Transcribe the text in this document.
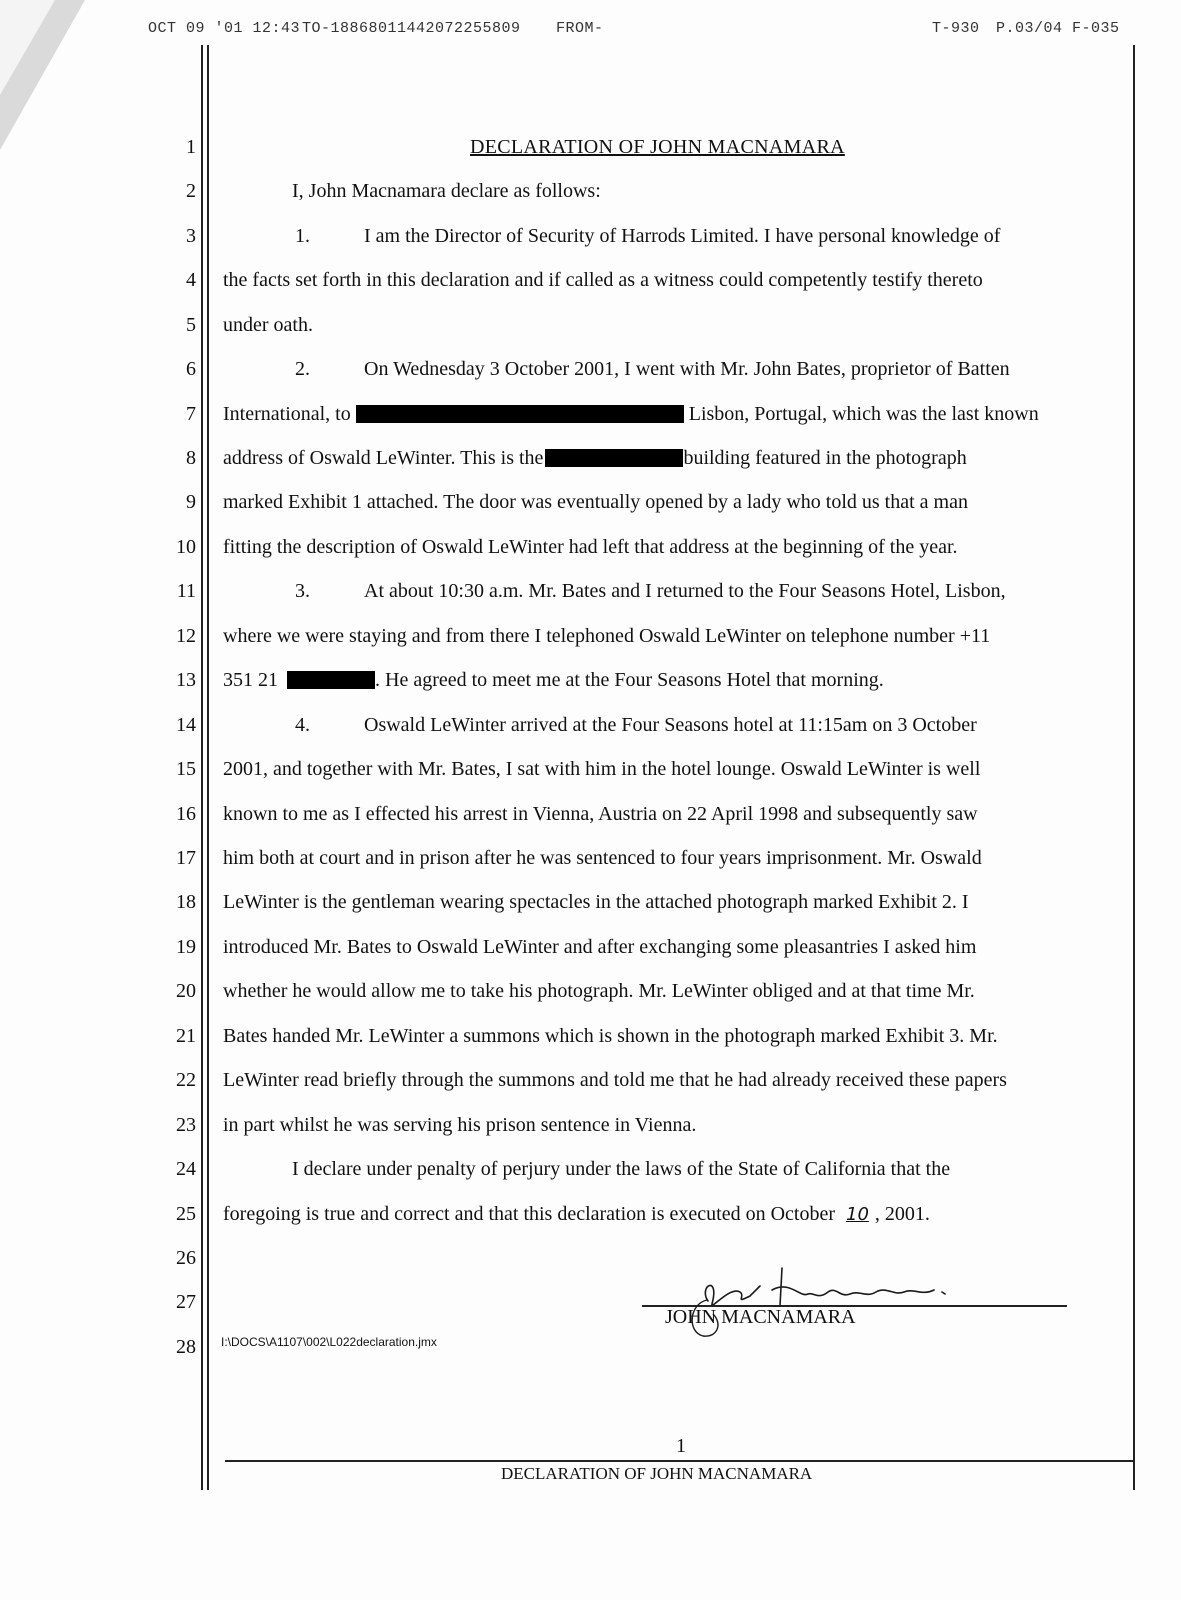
OCT 09 '01 12:43 TO-18868011442072255809 FROM-	T-930 P.03/04 F-035
1
2
3
4
5
6
7
8
9
10
11
12
13
14
15
16
17
18
19
20
21
22
23
24
25
26
27
28
DECLARATION OF JOHN MACNAMARA
I, John Macnamara declare as follows:
1.	I am the Director of Security of Harrods Limited. I have personal knowledge of
the facts set forth in this declaration and if called as a witness could competently testify thereto
under oath.
2.	On Wednesday 3 October 2001, I went with Mr. John Bates, proprietor of Batten
International, to	Lisbon, Portugal, which was the last known
address of Oswald LeWinter. This is the	building featured in the photograph
marked Exhibit 1 attached. The door was eventually opened by a lady who told us that a man
fitting the description of Oswald LeWinter had left that address at the beginning of the year.
3.	At about 10:30 a.m. Mr. Bates and I returned to the Four Seasons Hotel, Lisbon,
where we were staying and from there I telephoned Oswald LeWinter on telephone number +11
351 21	. He agreed to meet me at the Four Seasons Hotel that morning.
4.	Oswald LeWinter arrived at the Four Seasons hotel at 11:15am on 3 October
2001, and together with Mr. Bates, I sat with him in the hotel lounge. Oswald LeWinter is well
known to me as I effected his arrest in Vienna, Austria on 22 April 1998 and subsequently saw
him both at court and in prison after he was sentenced to four years imprisonment. Mr. Oswald
LeWinter is the gentleman wearing spectacles in the attached photograph marked Exhibit 2. I
introduced Mr. Bates to Oswald LeWinter and after exchanging some pleasantries I asked him
whether he would allow me to take his photograph. Mr. LeWinter obliged and at that time Mr.
Bates handed Mr. LeWinter a summons which is shown in the photograph marked Exhibit 3. Mr.
LeWinter read briefly through the summons and told me that he had already received these papers
in part whilst he was serving his prison sentence in Vienna.
I declare under penalty of perjury under the laws of the State of California that the
foregoing is true and correct and that this declaration is executed on October 10 , 2001.
JOHN MACNAMARA
I:\DOCS\A1107\002\L022declaration.jmx
1
DECLARATION OF JOHN MACNAMARA
